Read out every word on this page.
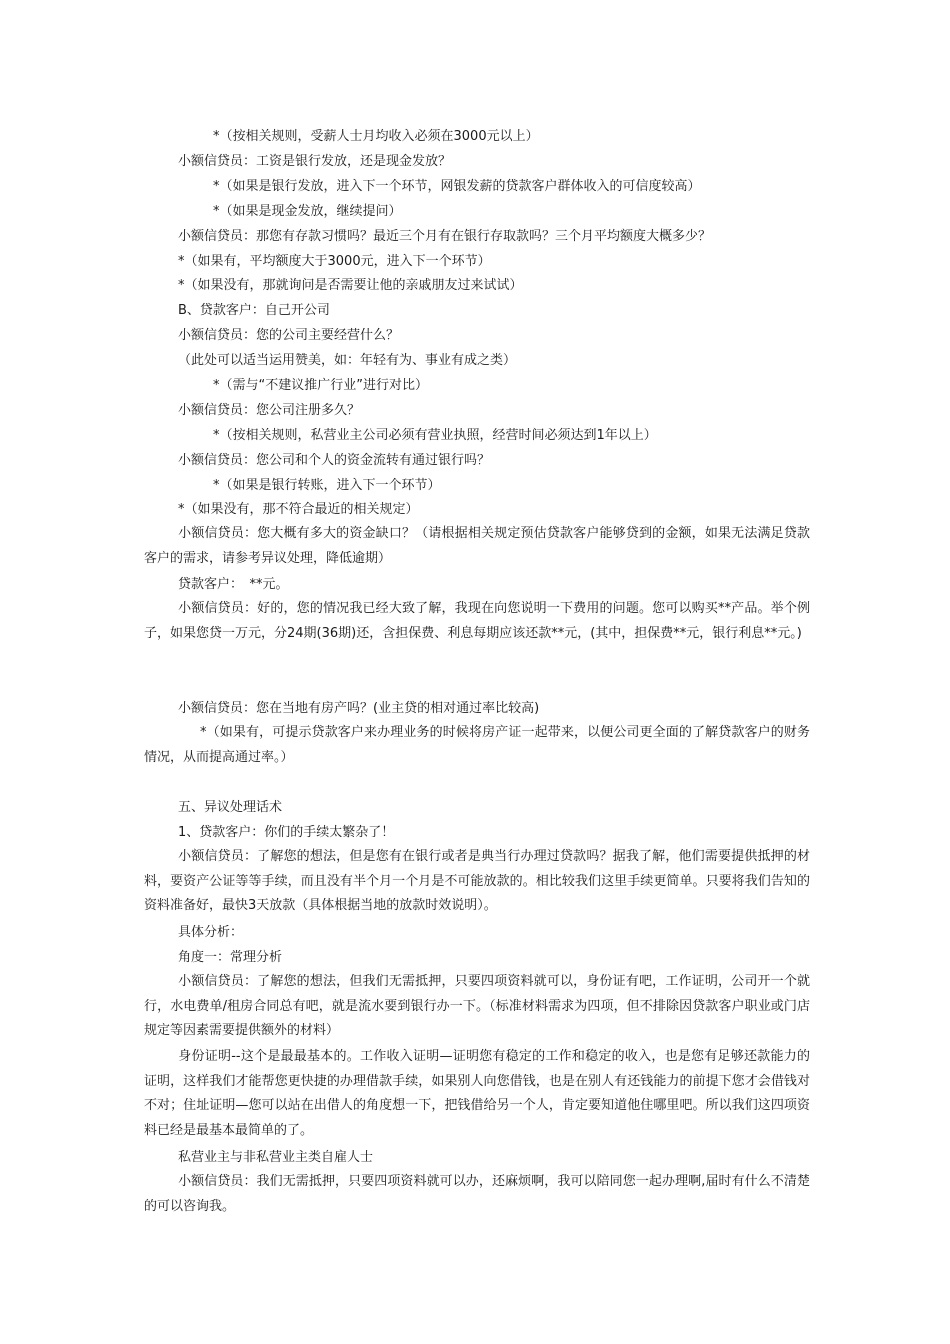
*（按相关规则，受薪人士月均收入必须在3000元以上）
小额信贷员：工资是银行发放，还是现金发放？
*（如果是银行发放，进入下一个环节，网银发薪的贷款客户群体收入的可信度较高）
*（如果是现金发放，继续提问）
小额信贷员：那您有存款习惯吗？最近三个月有在银行存取款吗？三个月平均额度大概多少？
*（如果有，平均额度大于3000元，进入下一个环节）
*（如果没有，那就询问是否需要让他的亲戚朋友过来试试）
B、贷款客户：自己开公司
小额信贷员：您的公司主要经营什么？
（此处可以适当运用赞美，如：年轻有为、事业有成之类）
*（需与“不建议推广行业”进行对比）
小额信贷员：您公司注册多久？
*（按相关规则，私营业主公司必须有营业执照，经营时间必须达到1年以上）
小额信贷员：您公司和个人的资金流转有通过银行吗？
*（如果是银行转账，进入下一个环节）
*（如果没有，那不符合最近的相关规定）
小额信贷员：您大概有多大的资金缺口？（请根据相关规定预估贷款客户能够贷到的金额，如果无法满足贷款客户的需求，请参考异议处理，降低逾期）
贷款客户：　**元。
小额信贷员：好的，您的情况我已经大致了解，我现在向您说明一下费用的问题。您可以购买**产品。举个例子，如果您贷一万元，分24期(36期)还，含担保费、利息每期应该还款**元，(其中，担保费**元，银行利息**元。)
小额信贷员：您在当地有房产吗？(业主贷的相对通过率比较高)
*（如果有，可提示贷款客户来办理业务的时候将房产证一起带来，以便公司更全面的了解贷款客户的财务情况，从而提高通过率。）
五、异议处理话术
1、贷款客户：你们的手续太繁杂了！
小额信贷员：了解您的想法，但是您有在银行或者是典当行办理过贷款吗？据我了解，他们需要提供抵押的材料，要资产公证等等手续，而且没有半个月一个月是不可能放款的。相比较我们这里手续更简单。只要将我们告知的资料准备好，最快3天放款（具体根据当地的放款时效说明）。
具体分析：
角度一：常理分析
小额信贷员：了解您的想法，但我们无需抵押，只要四项资料就可以，身份证有吧，工作证明，公司开一个就行，水电费单/租房合同总有吧，就是流水要到银行办一下。（标准材料需求为四项，但不排除因贷款客户职业或门店规定等因素需要提供额外的材料）
身份证明--这个是最最基本的。工作收入证明—证明您有稳定的工作和稳定的收入，也是您有足够还款能力的证明，这样我们才能帮您更快捷的办理借款手续，如果别人向您借钱，也是在别人有还钱能力的前提下您才会借钱对不对；住址证明—您可以站在出借人的角度想一下，把钱借给另一个人，肯定要知道他住哪里吧。所以我们这四项资料已经是最基本最简单的了。
私营业主与非私营业主类自雇人士
小额信贷员：我们无需抵押，只要四项资料就可以办，还麻烦啊，我可以陪同您一起办理啊,届时有什么不清楚的可以咨询我。
